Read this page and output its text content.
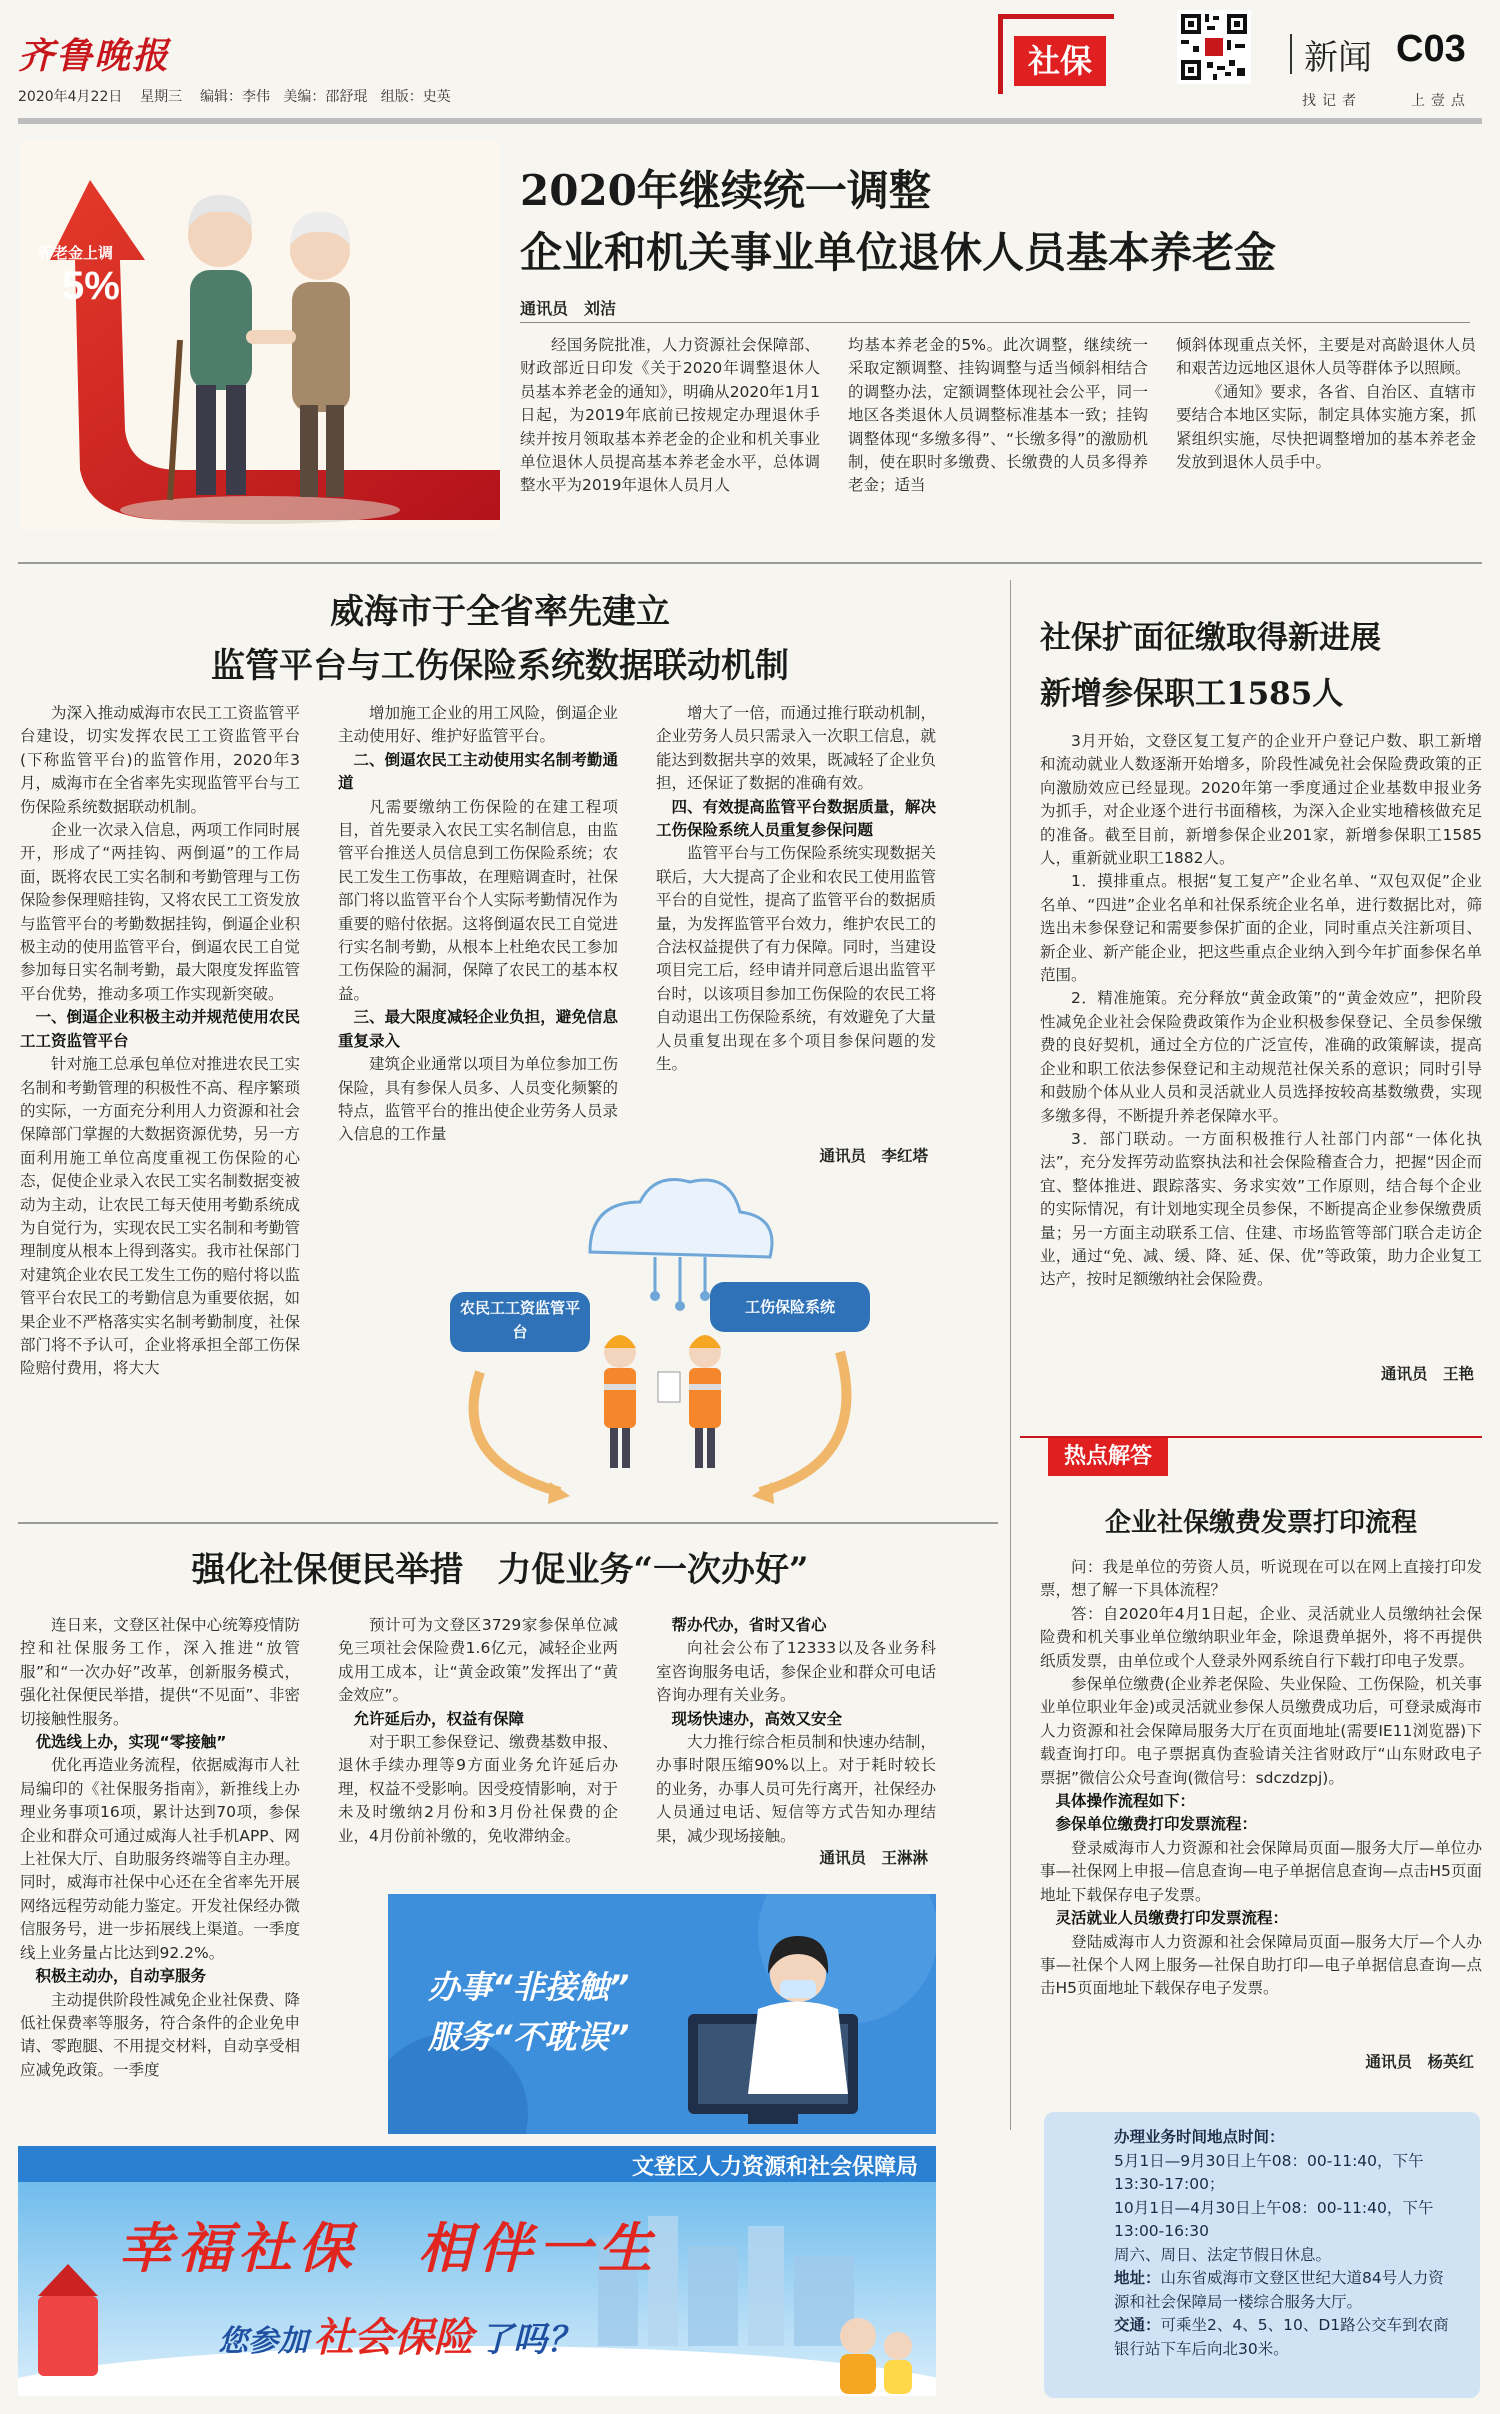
齐鲁晚报
2020年4月22日 星期三 编辑：李伟 美编：邵舒琨 组版：史英
社保	新闻 C03
找记者	上壹点
养老金上调
5%
2020年继续统一调整
企业和机关事业单位退休人员基本养老金
通讯员　刘洁

经国务院批准，人力资源社会保障部、财政部近日印发《关于2020年调整退休人员基本养老金的通知》，明确从2020年1月1日起，为2019年底前已按规定办理退休手续并按月领取基本养老金的企业和机关事业单位退休人员提高基本养老金水平，总体调整水平为2019年退休人员月人

均基本养老金的5%。此次调整，继续统一采取定额调整、挂钩调整与适当倾斜相结合的调整办法，定额调整体现社会公平，同一地区各类退休人员调整标准基本一致；挂钩调整体现“多缴多得”、“长缴多得”的激励机制，使在职时多缴费、长缴费的人员多得养老金；适当

倾斜体现重点关怀，主要是对高龄退休人员和艰苦边远地区退休人员等群体予以照顾。

《通知》要求，各省、自治区、直辖市要结合本地区实际，制定具体实施方案，抓紧组织实施，尽快把调整增加的基本养老金发放到退休人员手中。

威海市于全省率先建立
监管平台与工伤保险系统数据联动机制

为深入推动威海市农民工工资监管平台建设，切实发挥农民工工资监管平台(下称监管平台)的监管作用，2020年3月，威海市在全省率先实现监管平台与工伤保险系统数据联动机制。

企业一次录入信息，两项工作同时展开，形成了“两挂钩、两倒逼”的工作局面，既将农民工实名制和考勤管理与工伤保险参保理赔挂钩，又将农民工工资发放与监管平台的考勤数据挂钩，倒逼企业积极主动的使用监管平台，倒逼农民工自觉参加每日实名制考勤，最大限度发挥监管平台优势，推动多项工作实现新突破。

一、倒逼企业积极主动并规范使用农民工工资监管平台

针对施工总承包单位对推进农民工实名制和考勤管理的积极性不高、程序繁琐的实际，一方面充分利用人力资源和社会保障部门掌握的大数据资源优势，另一方面利用施工单位高度重视工伤保险的心态，促使企业录入农民工实名制数据变被动为主动，让农民工每天使用考勤系统成为自觉行为，实现农民工实名制和考勤管理制度从根本上得到落实。我市社保部门对建筑企业农民工发生工伤的赔付将以监管平台农民工的考勤信息为重要依据，如果企业不严格落实实名制考勤制度，社保部门将不予认可，企业将承担全部工伤保险赔付费用，将大大

增加施工企业的用工风险，倒逼企业主动使用好、维护好监管平台。

二、倒逼农民工主动使用实名制考勤通道

凡需要缴纳工伤保险的在建工程项目，首先要录入农民工实名制信息，由监管平台推送人员信息到工伤保险系统；农民工发生工伤事故，在理赔调查时，社保部门将以监管平台个人实际考勤情况作为重要的赔付依据。这将倒逼农民工自觉进行实名制考勤，从根本上杜绝农民工参加工伤保险的漏洞，保障了农民工的基本权益。

三、最大限度减轻企业负担，避免信息重复录入

建筑企业通常以项目为单位参加工伤保险，具有参保人员多、人员变化频繁的特点，监管平台的推出使企业劳务人员录入信息的工作量

增大了一倍，而通过推行联动机制，企业劳务人员只需录入一次职工信息，就能达到数据共享的效果，既减轻了企业负担，还保证了数据的准确有效。

四、有效提高监管平台数据质量，解决工伤保险系统人员重复参保问题

监管平台与工伤保险系统实现数据关联后，大大提高了企业和农民工使用监管平台的自觉性，提高了监管平台的数据质量，为发挥监管平台效力，维护农民工的合法权益提供了有力保障。同时，当建设项目完工后，经申请并同意后退出监管平台时，以该项目参加工伤保险的农民工将自动退出工伤保险系统，有效避免了大量人员重复出现在多个项目参保问题的发生。

通讯员　李红塔
农民工工资监管平台
工伤保险系统
社保扩面征缴取得新进展
新增参保职工1585人

3月开始，文登区复工复产的企业开户登记户数、职工新增和流动就业人数逐渐开始增多，阶段性减免社会保险费政策的正向激励效应已经显现。2020年第一季度通过企业基数申报业务为抓手，对企业逐个进行书面稽核，为深入企业实地稽核做充足的准备。截至目前，新增参保企业201家，新增参保职工1585人，重新就业职工1882人。

1．摸排重点。根据“复工复产”企业名单、“双包双促”企业名单、“四进”企业名单和社保系统企业名单，进行数据比对，筛选出未参保登记和需要参保扩面的企业，同时重点关注新项目、新企业、新产能企业，把这些重点企业纳入到今年扩面参保名单范围。

2．精准施策。充分释放“黄金政策”的“黄金效应”，把阶段性减免企业社会保险费政策作为企业积极参保登记、全员参保缴费的良好契机，通过全方位的广泛宣传，准确的政策解读，提高企业和职工依法参保登记和主动规范社保关系的意识；同时引导和鼓励个体从业人员和灵活就业人员选择按较高基数缴费，实现多缴多得，不断提升养老保障水平。

3．部门联动。一方面积极推行人社部门内部“一体化执法”，充分发挥劳动监察执法和社会保险稽查合力，把握“因企而宜、整体推进、跟踪落实、务求实效”工作原则，结合每个企业的实际情况，有计划地实现全员参保，不断提高企业参保缴费质量；另一方面主动联系工信、住建、市场监管等部门联合走访企业，通过“免、减、缓、降、延、保、优”等政策，助力企业复工达产，按时足额缴纳社会保险费。

通讯员　王艳
热点解答
企业社保缴费发票打印流程

问：我是单位的劳资人员，听说现在可以在网上直接打印发票，想了解一下具体流程？

答：自2020年4月1日起，企业、灵活就业人员缴纳社会保险费和机关事业单位缴纳职业年金，除退费单据外，将不再提供纸质发票，由单位或个人登录外网系统自行下载打印电子发票。

参保单位缴费(企业养老保险、失业保险、工伤保险，机关事业单位职业年金)或灵活就业参保人员缴费成功后，可登录威海市人力资源和社会保障局服务大厅在页面地址(需要IE11浏览器)下载查询打印。电子票据真伪查验请关注省财政厅“山东财政电子票据”微信公众号查询(微信号：sdczdzpj)。

具体操作流程如下：

参保单位缴费打印发票流程：

登录威海市人力资源和社会保障局页面—服务大厅—单位办事—社保网上申报—信息查询—电子单据信息查询—点击H5页面地址下载保存电子发票。

灵活就业人员缴费打印发票流程：

登陆威海市人力资源和社会保障局页面—服务大厅—个人办事—社保个人网上服务—社保自助打印—电子单据信息查询—点击H5页面地址下载保存电子发票。

通讯员　杨英红
强化社保便民举措　力促业务“一次办好”

连日来，文登区社保中心统筹疫情防控和社保服务工作，深入推进“放管服”和“一次办好”改革，创新服务模式，强化社保便民举措，提供“不见面”、非密切接触性服务。

优选线上办，实现“零接触”

优化再造业务流程，依据威海市人社局编印的《社保服务指南》，新推线上办理业务事项16项，累计达到70项，参保企业和群众可通过威海人社手机APP、网上社保大厅、自助服务终端等自主办理。同时，威海市社保中心还在全省率先开展网络远程劳动能力鉴定。开发社保经办微信服务号，进一步拓展线上渠道。一季度线上业务量占比达到92.2%。

积极主动办，自动享服务

主动提供阶段性减免企业社保费、降低社保费率等服务，符合条件的企业免申请、零跑腿、不用提交材料，自动享受相应减免政策。一季度

预计可为文登区3729家参保单位减免三项社会保险费1.6亿元，减轻企业两成用工成本，让“黄金政策”发挥出了“黄金效应”。

允许延后办，权益有保障

对于职工参保登记、缴费基数申报、退休手续办理等9方面业务允许延后办理，权益不受影响。因受疫情影响，对于未及时缴纳2月份和3月份社保费的企业，4月份前补缴的，免收滞纳金。

帮办代办，省时又省心

向社会公布了12333以及各业务科室咨询服务电话，参保企业和群众可电话咨询办理有关业务。

现场快速办，高效又安全

大力推行综合柜员制和快速办结制，办事时限压缩90%以上。对于耗时较长的业务，办事人员可先行离开，社保经办人员通过电话、短信等方式告知办理结果，减少现场接触。

通讯员　王淋淋
办事“非接触”
服务“不耽误”
文登区人力资源和社会保障局
幸福社保　相伴一生
您参加 社会保险 了吗？
办理业务时间地点时间：
5月1日—9月30日上午08：00-11:40，下午13:30-17:00；
10月1日—4月30日上午08：00-11:40，下午13:00-16:30
周六、周日、法定节假日休息。
地址：山东省威海市文登区世纪大道84号人力资源和社会保障局一楼综合服务大厅。
交通：可乘坐2、4、5、10、D1路公交车到农商银行站下车后向北30米。
